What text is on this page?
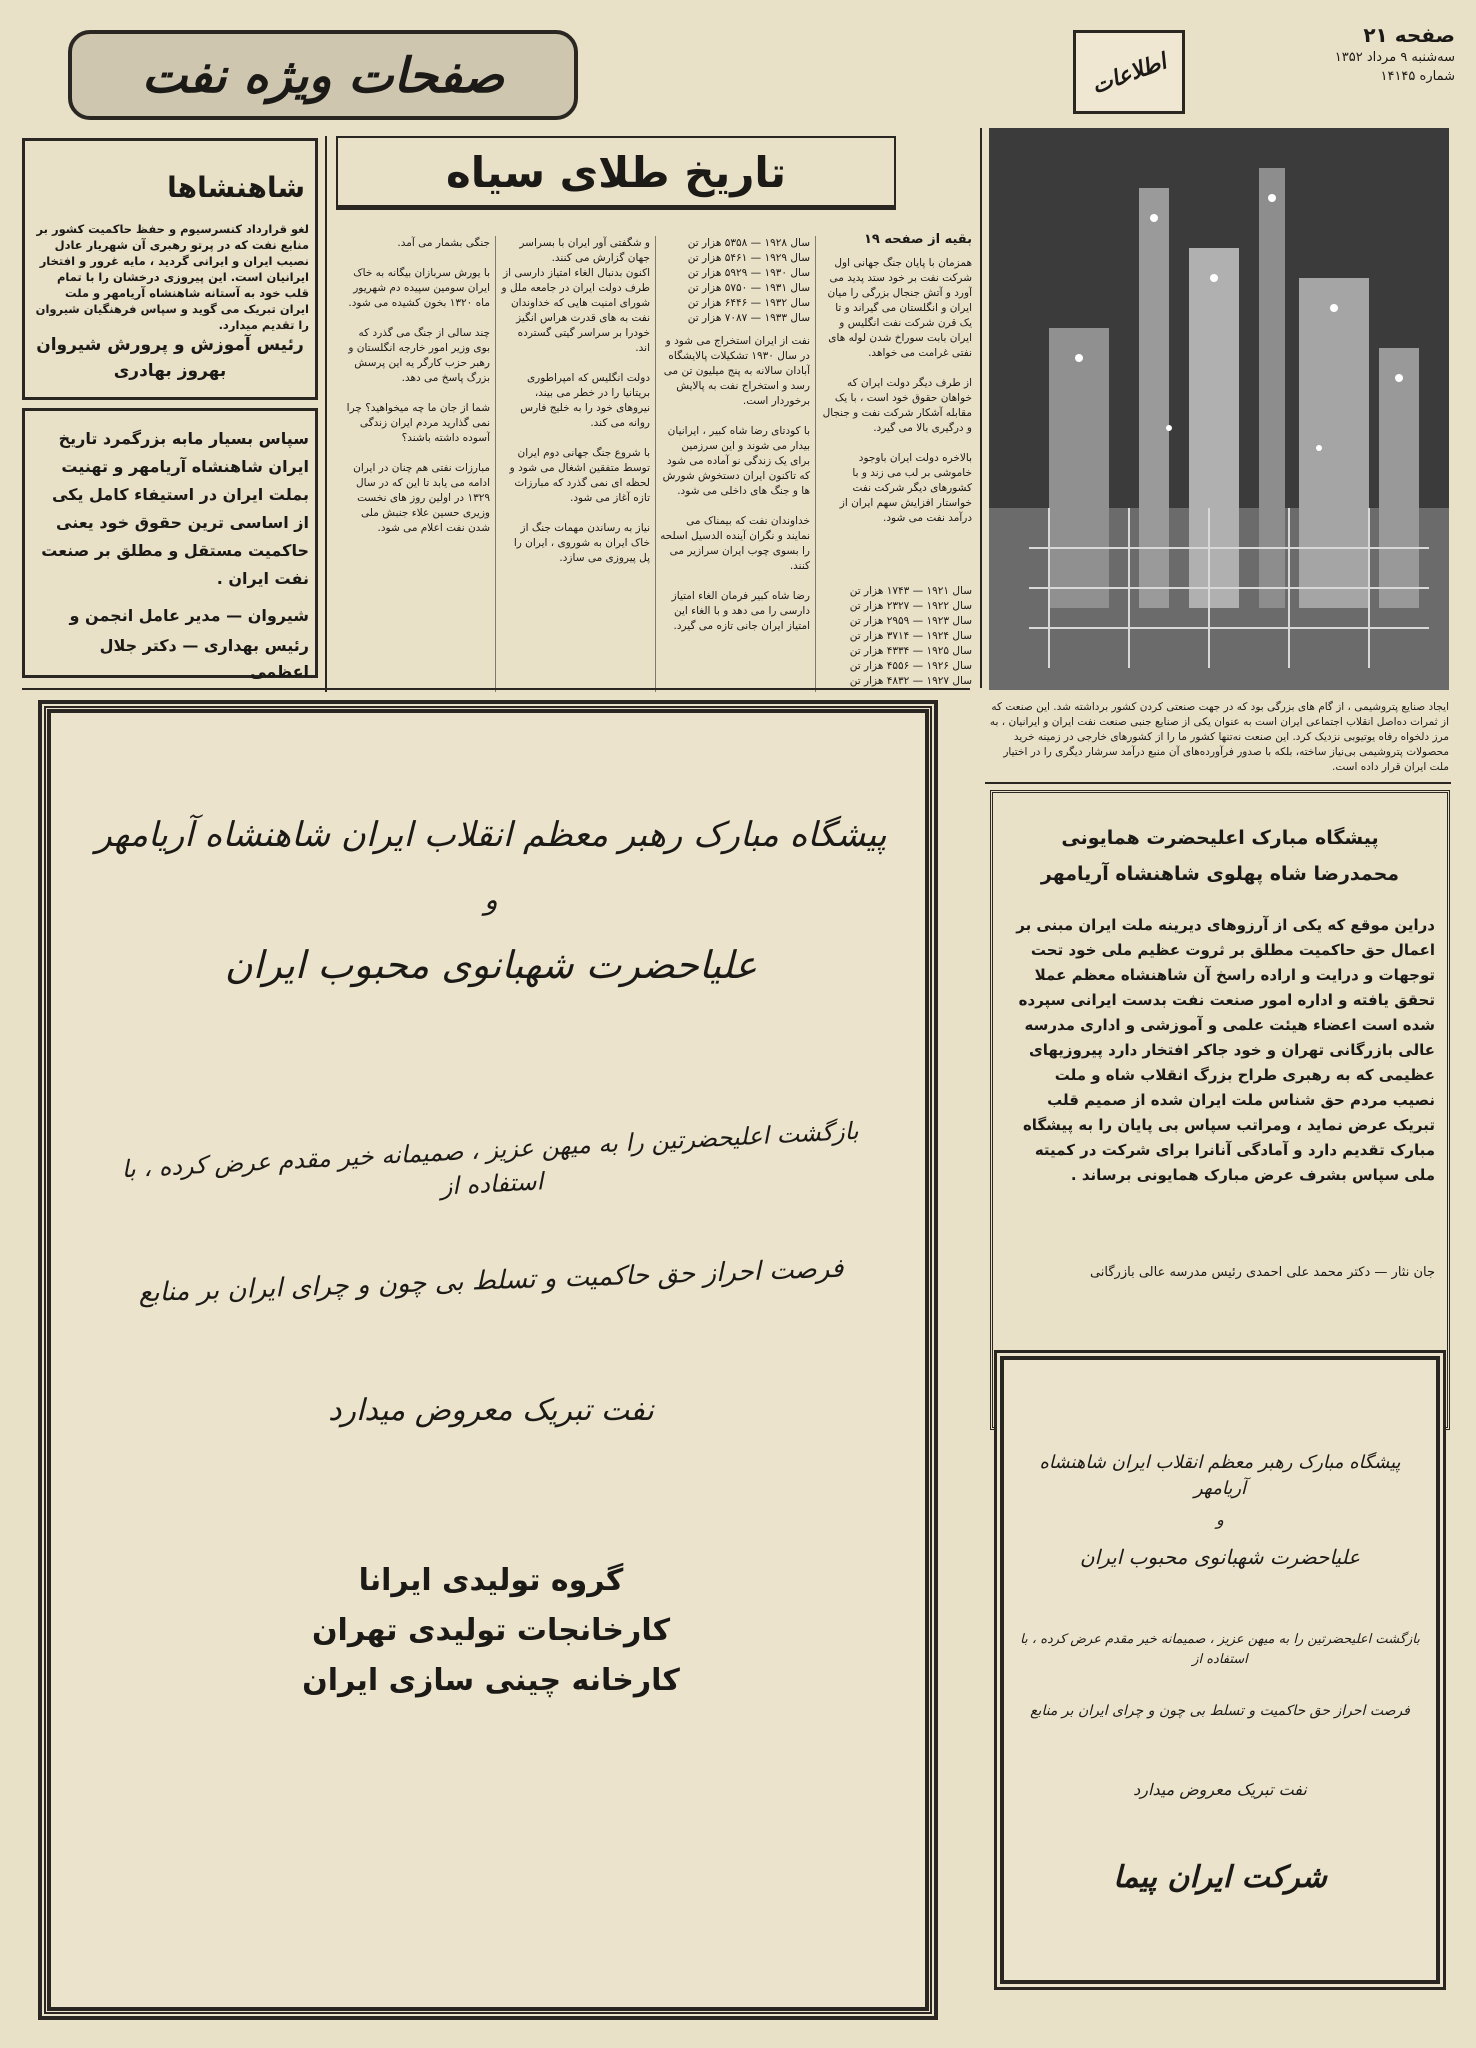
صفحات ویژه نفت	اطلاعات
صفحه ۲۱
سه‌شنبه ۹ مرداد ۱۳۵۲
شماره ۱۴۱۴۵
ایجاد صنایع پتروشیمی ، از گام های بزرگی بود که در جهت صنعتی کردن کشور برداشته شد. این صنعت که از ثمرات ده‌اصل انقلاب اجتماعی ایران است به عنوان یکی از صنایع جنبی صنعت نفت ایران و ایرانیان ، به مرز دلخواه رفاه یوتیوبی نزدیک کرد. این صنعت نه‌تنها کشور ما را از کشورهای خارجی در زمینه خرید محصولات پتروشیمی بی‌نیاز ساخته، بلکه با صدور فرآورده‌های آن منبع درآمد سرشار دیگری را در اختیار ملت ایران قرار داده است.
تاریخ طلای سیاه
بقیه از صفحه ۱۹
همزمان با پایان جنگ جهانی اول شرکت نفت بر خود ستد پدید می آورد و آتش جنجال بزرگی را میان ایران و انگلستان می گیراند و تا یک قرن شرکت نفت انگلیس و ایران بابت سوراخ شدن لوله های نفتی غرامت می خواهد.

از طرف دیگر دولت ایران که خواهان حقوق خود است ، با یک مقابله آشکار شرکت نفت و جنجال و درگیری بالا می گیرد.

بالاخره دولت ایران باوجود خاموشی بر لب می زند و با کشورهای دیگر شرکت نفت خواستار افزایش سهم ایران از درآمد نفت می شود.
سال ۱۹۲۱ — ۱۷۴۳ هزار تن
سال ۱۹۲۲ — ۲۳۲۷ هزار تن
سال ۱۹۲۳ — ۲۹۵۹ هزار تن
سال ۱۹۲۴ — ۳۷۱۴ هزار تن
سال ۱۹۲۵ — ۴۳۳۴ هزار تن
سال ۱۹۲۶ — ۴۵۵۶ هزار تن
سال ۱۹۲۷ — ۴۸۳۲ هزار تن
سال ۱۹۲۸ — ۵۳۵۸ هزار تن
سال ۱۹۲۹ — ۵۴۶۱ هزار تن
سال ۱۹۳۰ — ۵۹۲۹ هزار تن
سال ۱۹۳۱ — ۵۷۵۰ هزار تن
سال ۱۹۳۲ — ۶۴۴۶ هزار تن
سال ۱۹۳۳ — ۷۰۸۷ هزار تن
نفت از ایران استخراج می شود و در سال ۱۹۳۰ تشکیلات پالایشگاه آبادان سالانه به پنج میلیون تن می رسد و استخراج نفت به پالایش برخوردار است.

با کودتای رضا شاه کبیر ، ایرانیان بیدار می شوند و این سرزمین برای یک زندگی نو آماده می شود که تاکنون ایران دستخوش شورش ها و جنگ های داخلی می شود.

خداوندان نفت که بیمناک می نمایند و نگران آینده الدسیل اسلحه را بسوی چوب ایران سرازیر می کنند.

رضا شاه کبیر فرمان الغاء امتیاز دارسی را می دهد و با الغاء این امتیاز ایران جانی تازه می گیرد.
و شگفتی آور ایران با بسراسر جهان گزارش می کنند.
اکنون بدنبال الغاء امتیاز دارسی از طرف دولت ایران در جامعه ملل و شورای امنیت هایی که خداوندان نفت به های قدرت هراس انگیز خودرا بر سراسر گیتی گسترده اند.

دولت انگلیس که امپراطوری بریتانیا را در خطر می بیند، نیروهای خود را به خلیج فارس روانه می کند.

با شروع جنگ جهانی دوم ایران توسط متفقین اشغال می شود و لحظه ای نمی گذرد که مبارزات تازه آغاز می شود.

نیاز به رساندن مهمات جنگ از خاک ایران به شوروی ، ایران را پل پیروزی می سازد.
جنگی بشمار می آمد.

با یورش سربازان بیگانه به خاک ایران سومین سپیده دم شهریور ماه ۱۳۲۰ بخون کشیده می شود.

چند سالی از جنگ می گذرد که بوی وزیر امور خارجه انگلستان و رهبر حزب کارگر یه این پرسش بزرگ پاسخ می دهد.

شما از جان ما چه میخواهید؟ چرا نمی گذارید مردم ایران زندگی آسوده داشته باشند؟

مبارزات نفتی هم چنان در ایران ادامه می یابد تا این که در سال ۱۳۲۹ در اولین روز های نخست وزیری حسین علاء جنبش ملی شدن نفت اعلام می شود.
شاهنشاها
لغو قرارداد کنسرسیوم و حفظ حاکمیت کشور بر منابع نفت که در پرتو رهبری آن شهریار عادل نصیب ایران و ایرانی گردید ، مایه غرور و افتخار ایرانیان است. این پیروزی درخشان را با تمام قلب خود به آستانه شاهنشاه آریامهر و ملت ایران تبریک می گوید و سپاس فرهنگیان شیروان را تقدیم میدارد.
رئیس آموزش و پرورش شیروان
بهروز بهادری
سپاس بسیار مابه بزرگمرد تاریخ ایران شاهنشاه آریامهر و تهنیت بملت ایران در استیفاء کامل یکی از اساسی ترین حقوق خود یعنی حاکمیت مستقل و مطلق بر صنعت نفت ایران .
شیروان — مدیر عامل انجمن و
رئیس بهداری — دکتر جلال اعظمی
پیشگاه مبارک رهبر معظم انقلاب ایران شاهنشاه آریامهر
و
علیاحضرت شهبانوی محبوب ایران
بازگشت اعلیحضرتین را به میهن عزیز ، صمیمانه خیر مقدم عرض کرده ، با استفاده از
فرصت احراز حق حاکمیت و تسلط بی چون و چرای ایران بر منابع
نفت تبریک معروض میدارد
گروه تولیدی ایرانا
کارخانجات تولیدی تهران
کارخانه چینی سازی ایران
پیشگاه مبارک اعلیحضرت همایونی
محمدرضا شاه پهلوی شاهنشاه آریامهر
دراین موقع که یکی از آرزوهای دیرینه ملت ایران مبنی بر اعمال حق حاکمیت مطلق بر ثروت عظیم ملی خود تحت توجهات و درایت و اراده راسخ آن شاهنشاه معظم عملا تحقق یافته و اداره امور صنعت نفت بدست ایرانی سپرده شده است اعضاء هیئت علمی و آموزشی و اداری مدرسه عالی بازرگانی تهران و خود جاکر افتخار دارد پیروزیهای عظیمی که به رهبری طراح بزرگ انقلاب شاه و ملت نصیب مردم حق شناس ملت ایران شده از صمیم قلب تبریک عرض نماید ، ومراتب سپاس بی پایان را به پیشگاه مبارک تقدیم دارد و آمادگی آنانرا برای شرکت در کمیته ملی سپاس بشرف عرض مبارک همایونی برساند .
جان نثار — دکتر محمد علی احمدی رئیس مدرسه عالی بازرگانی
پیشگاه مبارک رهبر معظم انقلاب ایران شاهنشاه آریامهر
و
علیاحضرت شهبانوی محبوب ایران
بازگشت اعلیحضرتین را به میهن عزیز ، صمیمانه خیر مقدم عرض کرده ، با استفاده از
فرصت احراز حق حاکمیت و تسلط بی چون و چرای ایران بر منابع
نفت تبریک معروض میدارد
شرکت ایران پیما
